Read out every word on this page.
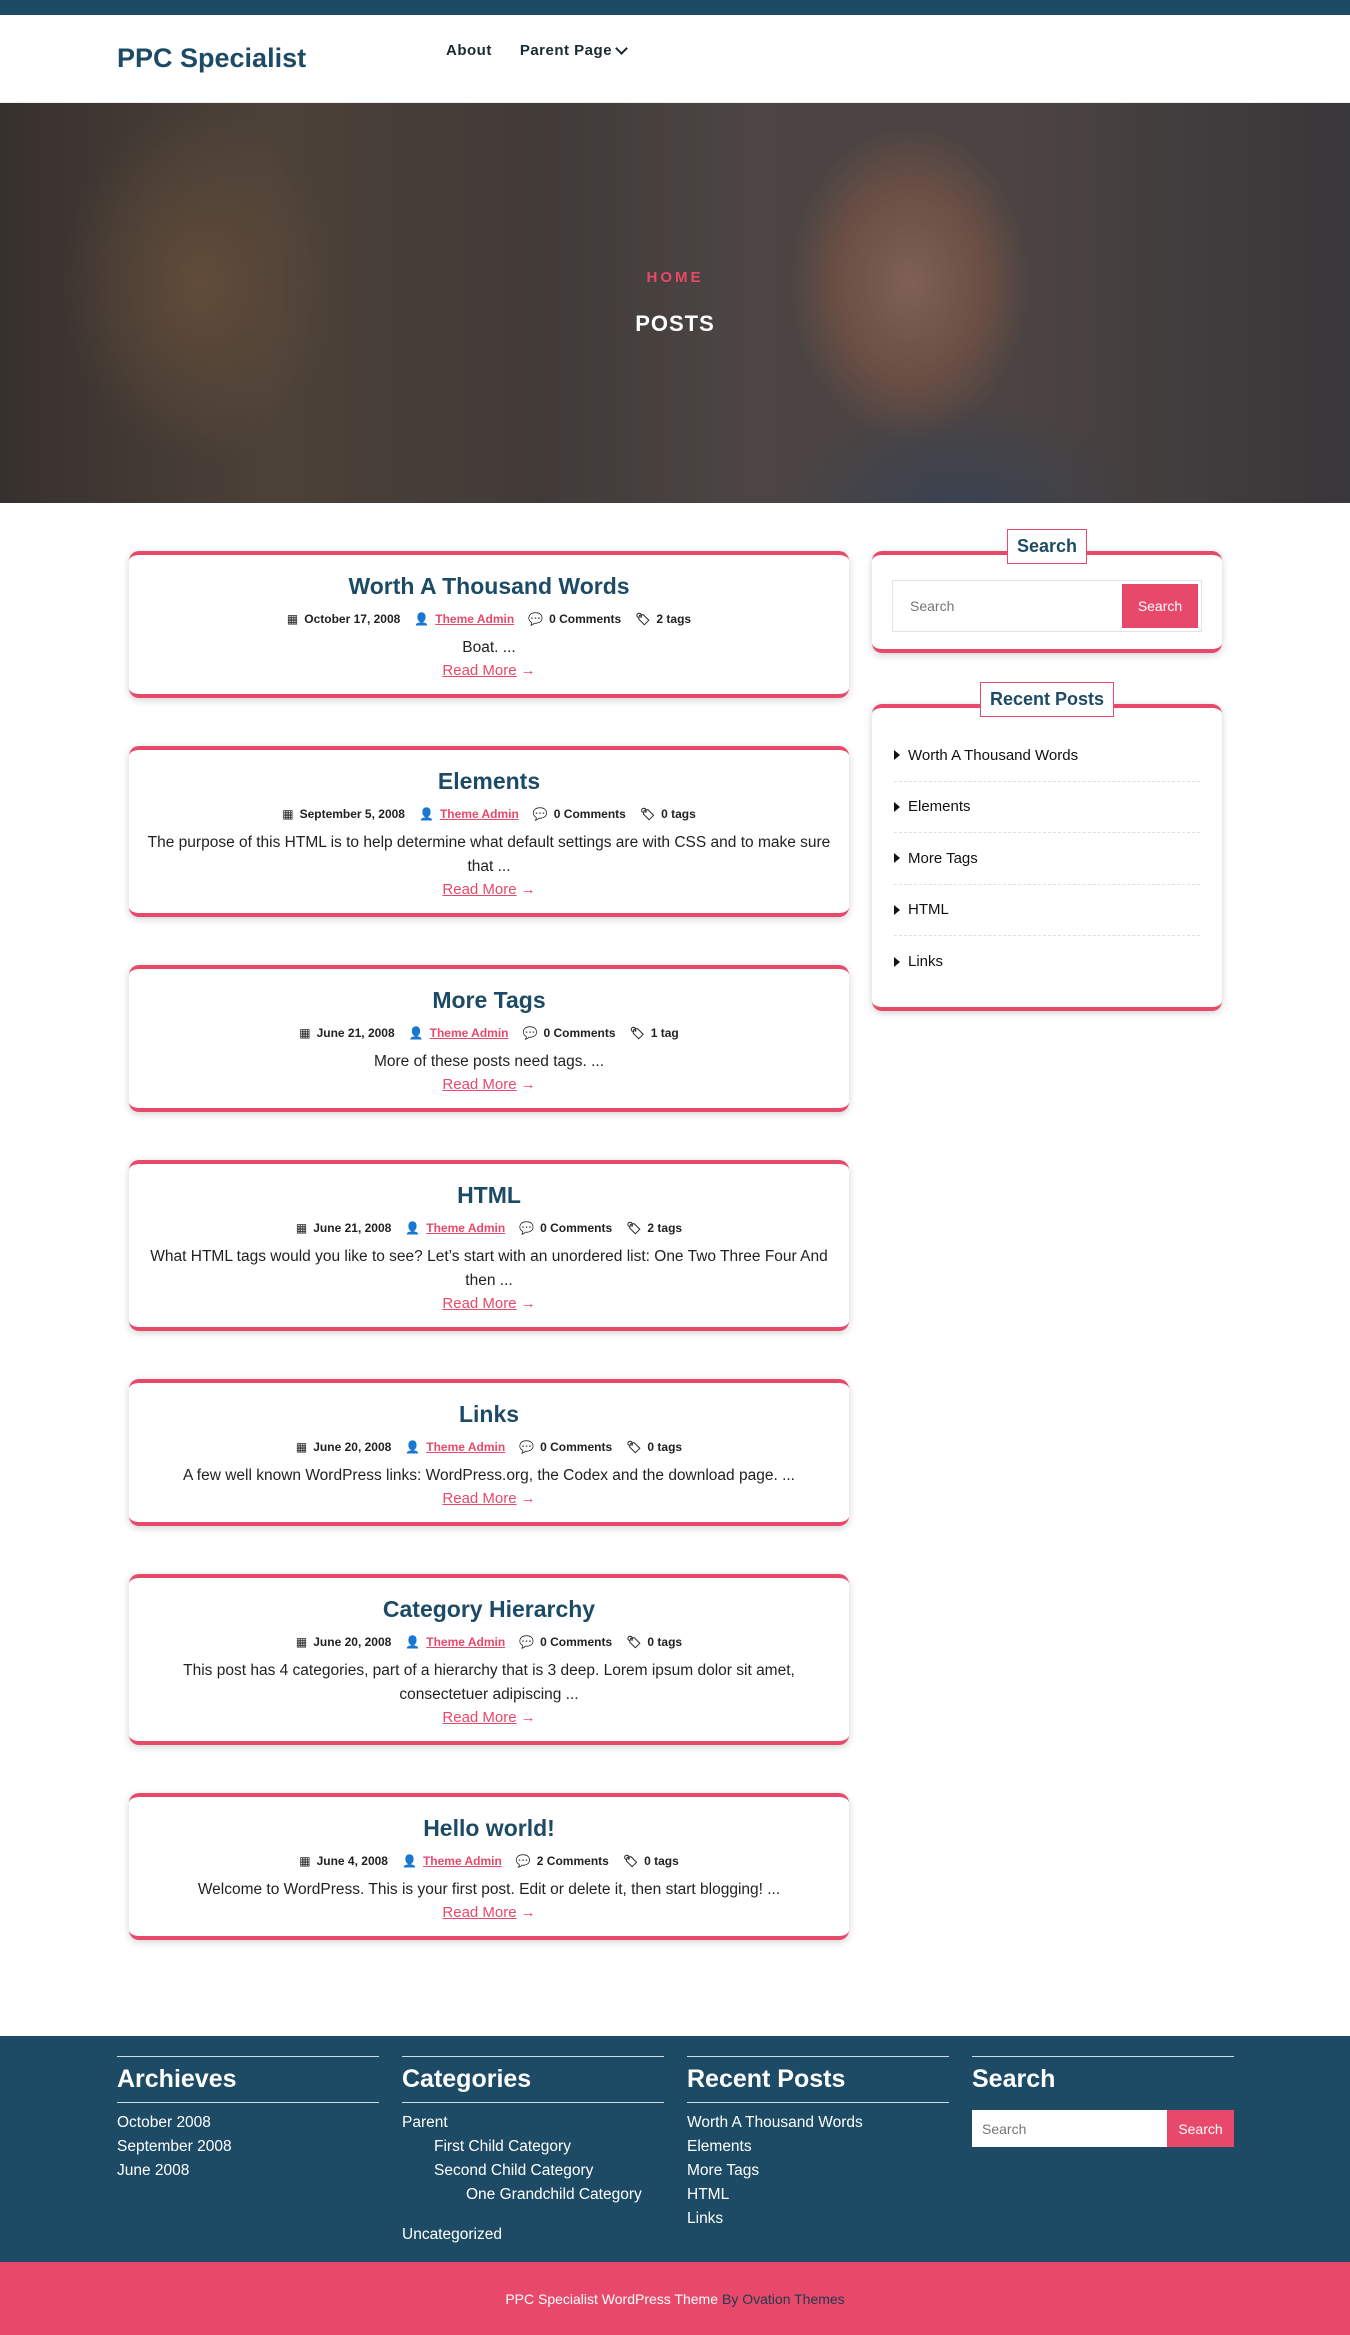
PPC Specialist	About Parent Page
HOME
POSTS
Worth A Thousand Words
▦ October 17, 2008 👤 Theme Admin 💬 0 Comments 🏷 2 tags

Boat. ...

Read More →
Elements
▦ September 5, 2008 👤 Theme Admin 💬 0 Comments 🏷 0 tags

The purpose of this HTML is to help determine what default settings are with CSS and to make sure that ...

Read More →
More Tags
▦ June 21, 2008 👤 Theme Admin 💬 0 Comments 🏷 1 tag

More of these posts need tags. ...

Read More →
HTML
▦ June 21, 2008 👤 Theme Admin 💬 0 Comments 🏷 2 tags

What HTML tags would you like to see? Let’s start with an unordered list: One Two Three Four And then ...

Read More →
Links
▦ June 20, 2008 👤 Theme Admin 💬 0 Comments 🏷 0 tags

A few well known WordPress links: WordPress.org, the Codex and the download page. ...

Read More →
Category Hierarchy
▦ June 20, 2008 👤 Theme Admin 💬 0 Comments 🏷 0 tags

This post has 4 categories, part of a hierarchy that is 3 deep. Lorem ipsum dolor sit amet, consectetuer adipiscing ...

Read More →
Hello world!
▦ June 4, 2008 👤 Theme Admin 💬 2 Comments 🏷 0 tags

Welcome to WordPress. This is your first post. Edit or delete it, then start blogging! ...

Read More →
Search
Search
Search
Recent Posts
Worth A Thousand Words
Elements
More Tags
HTML
Links
Archieves
October 2008
September 2008
June 2008
Categories
Parent
First Child Category
Second Child Category
One Grandchild Category
Uncategorized
Recent Posts
Worth A Thousand Words
Elements
More Tags
HTML
Links
Search
Search
Search
PPC Specialist WordPress Theme By Ovation Themes
